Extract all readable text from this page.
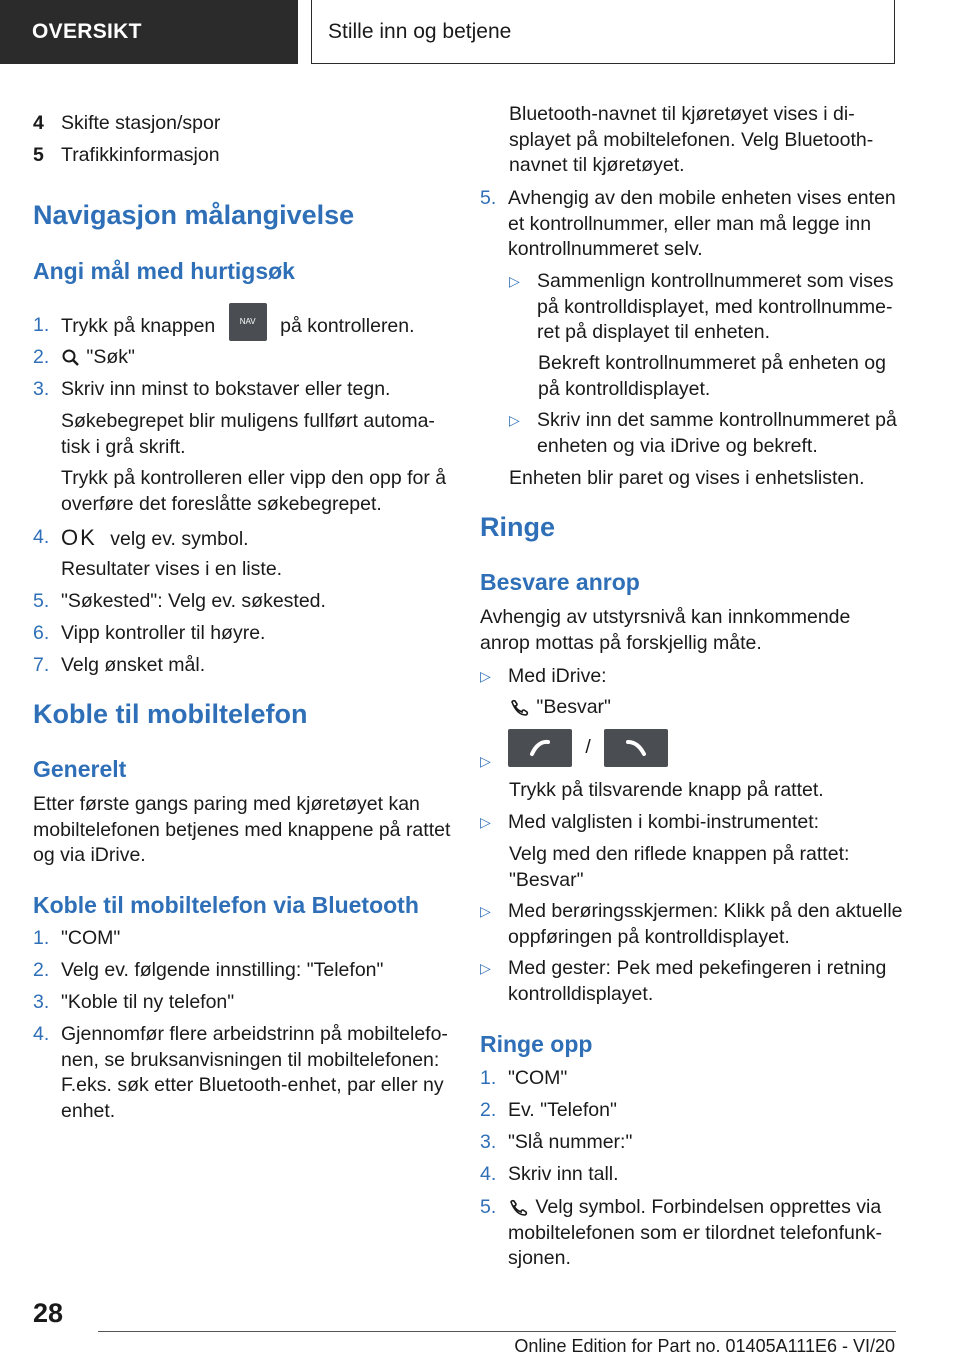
OVERSIKT	Stille inn og betjene
4 Skifte stasjon/spor
5 Trafikkinformasjon
Navigasjon målangivelse
Angi mål med hurtigsøk
1. Trykk på knappen	NAV på kontrolleren.
2.	"Søk"
3. Skriv inn minst to bokstaver eller tegn.
Søkebegrepet blir muligens fullført automa-tisk i grå skrift.
Trykk på kontrolleren eller vipp den opp for å overføre det foreslåtte søkebegrepet.
4. OK velg ev. symbol.
Resultater vises i en liste.
5. "Søkested": Velg ev. søkested.
6. Vipp kontroller til høyre.
7. Velg ønsket mål.
Koble til mobiltelefon
Generelt
Etter første gangs paring med kjøretøyet kan mobiltelefonen betjenes med knappene på rattet og via iDrive.
Koble til mobiltelefon via Bluetooth
1. "COM"
2. Velg ev. følgende innstilling: "Telefon"
3. "Koble til ny telefon"
4. Gjennomfør flere arbeidstrinn på mobiltelefo-nen, se bruksanvisningen til mobiltelefonen: F.eks. søk etter Bluetooth-enhet, par eller ny enhet.
Bluetooth-navnet til kjøretøyet vises i di-splayet på mobiltelefonen. Velg Bluetooth-navnet til kjøretøyet.
5. Avhengig av den mobile enheten vises enten et kontrollnummer, eller man må legge inn kontrollnummeret selv.
▷ Sammenlign kontrollnummeret som vises på kontrolldisplayet, med kontrollnumme-ret på displayet til enheten.
Bekreft kontrollnummeret på enheten og på kontrolldisplayet.
▷ Skriv inn det samme kontrollnummeret på enheten og via iDrive og bekreft.
Enheten blir paret og vises i enhetslisten.
Ringe
Besvare anrop
Avhengig av utstyrsnivå kan innkommende anrop mottas på forskjellig måte.
▷ Med iDrive:
"Besvar"
▷
/
Trykk på tilsvarende knapp på rattet.
▷ Med valglisten i kombi-instrumentet:
Velg med den riflede knappen på rattet: "Besvar"
▷ Med berøringsskjermen: Klikk på den aktuelle oppføringen på kontrolldisplayet.
▷ Med gester: Pek med pekefingeren i retning kontrolldisplayet.
Ringe opp
1. "COM"
2. Ev. "Telefon"
3. "Slå nummer:"
4. Skriv inn tall.
5.	Velg symbol. Forbindelsen opprettes via mobiltelefonen som er tilordnet telefonfunk-sjonen.
28
Online Edition for Part no. 01405A111E6 - VI/20
